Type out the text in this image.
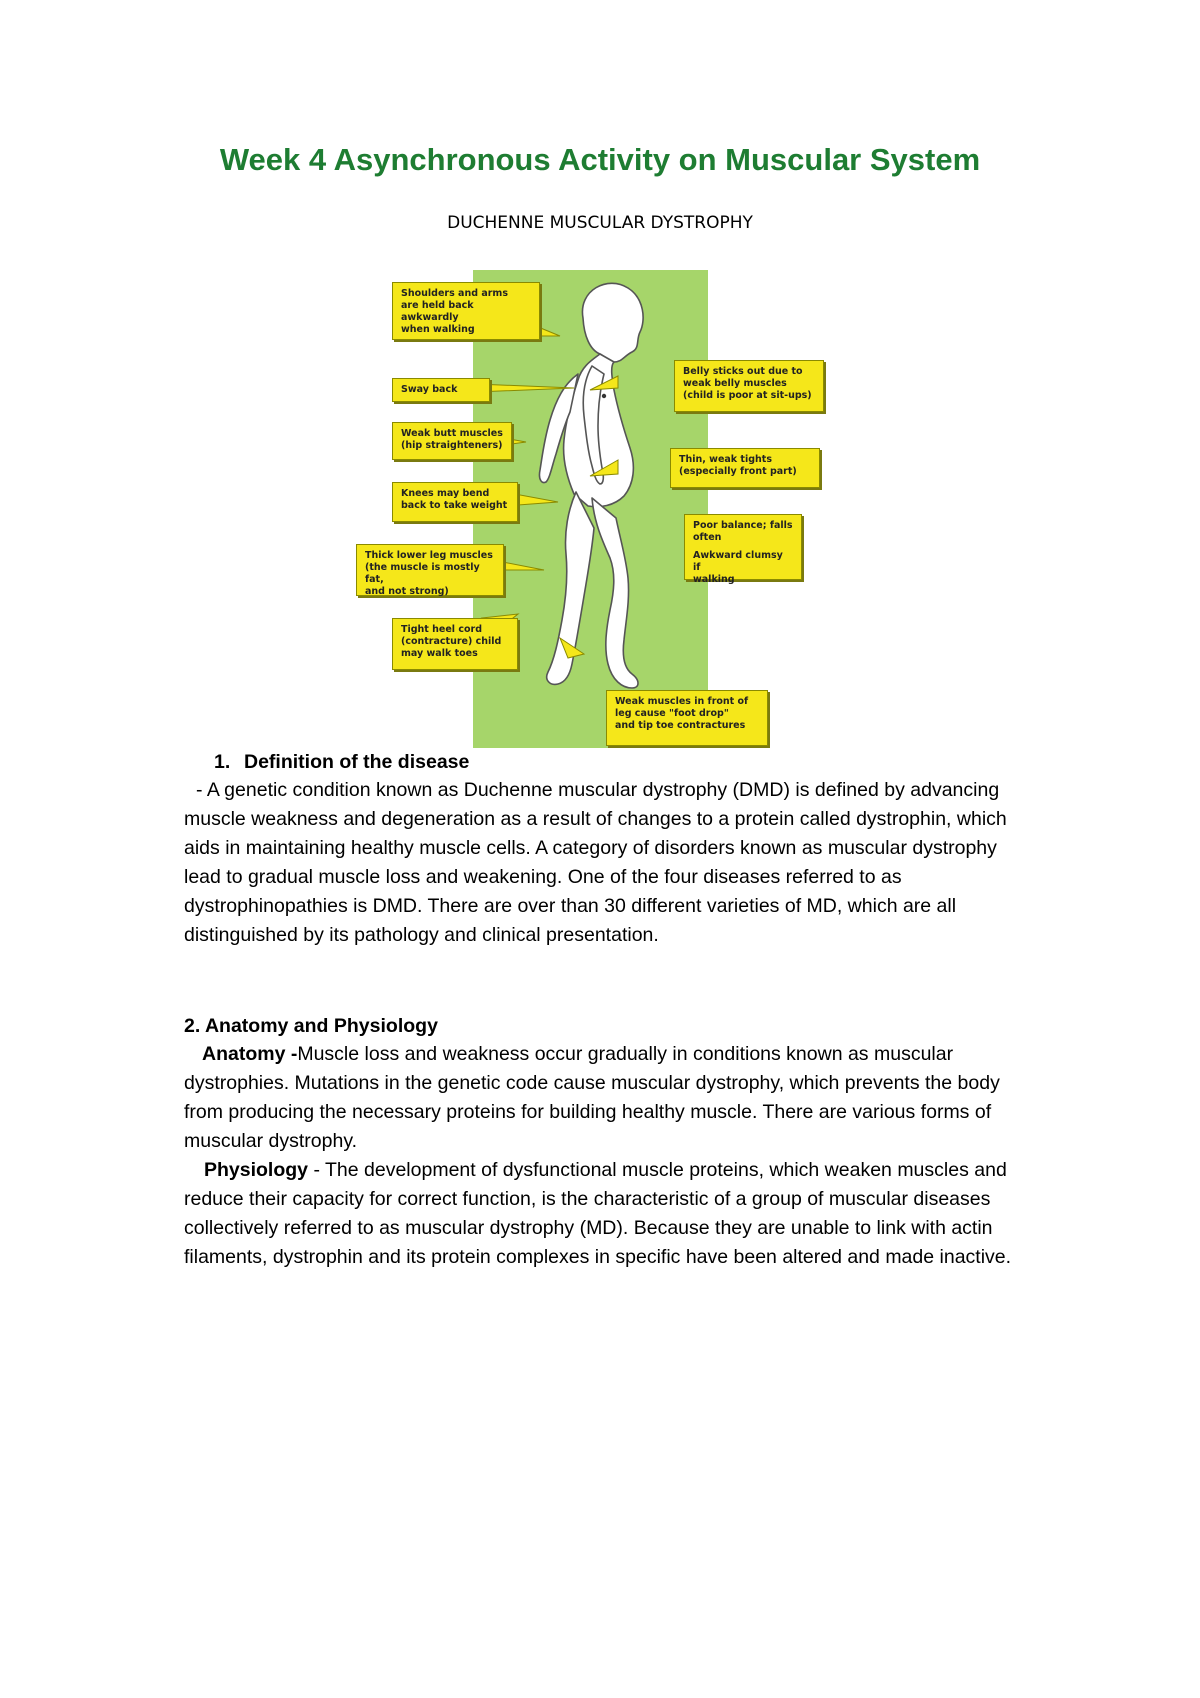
Week 4 Asynchronous Activity on Muscular System
DUCHENNE MUSCULAR DYSTROPHY
Shoulders and arms
are held back awkwardly
when walking
Sway back
Weak butt muscles
(hip straighteners)
Knees may bend
back to take weight
Thick lower leg muscles
(the muscle is mostly fat,
and not strong)
Tight heel cord
(contracture) child
may walk toes
Belly sticks out due to
weak belly muscles
(child is poor at sit-ups)
Thin, weak tights
(especially front part)
Poor balance; falls
often
Awkward clumsy if
walking
Weak muscles in front of
leg cause "foot drop"
and tip toe contractures
1. Definition of the disease

- A genetic condition known as Duchenne muscular dystrophy (DMD) is defined by advancing muscle weakness and degeneration as a result of changes to a protein called dystrophin, which aids in maintaining healthy muscle cells. A category of disorders known as muscular dystrophy lead to gradual muscle loss and weakening. One of the four diseases referred to as dystrophinopathies is DMD. There are over than 30 different varieties of MD, which are all distinguished by its pathology and clinical presentation.

2. Anatomy and Physiology

Anatomy -Muscle loss and weakness occur gradually in conditions known as muscular dystrophies. Mutations in the genetic code cause muscular dystrophy, which prevents the body from producing the necessary proteins for building healthy muscle. There are various forms of muscular dystrophy.

Physiology - The development of dysfunctional muscle proteins, which weaken muscles and reduce their capacity for correct function, is the characteristic of a group of muscular diseases collectively referred to as muscular dystrophy (MD). Because they are unable to link with actin filaments, dystrophin and its protein complexes in specific have been altered and made inactive.
